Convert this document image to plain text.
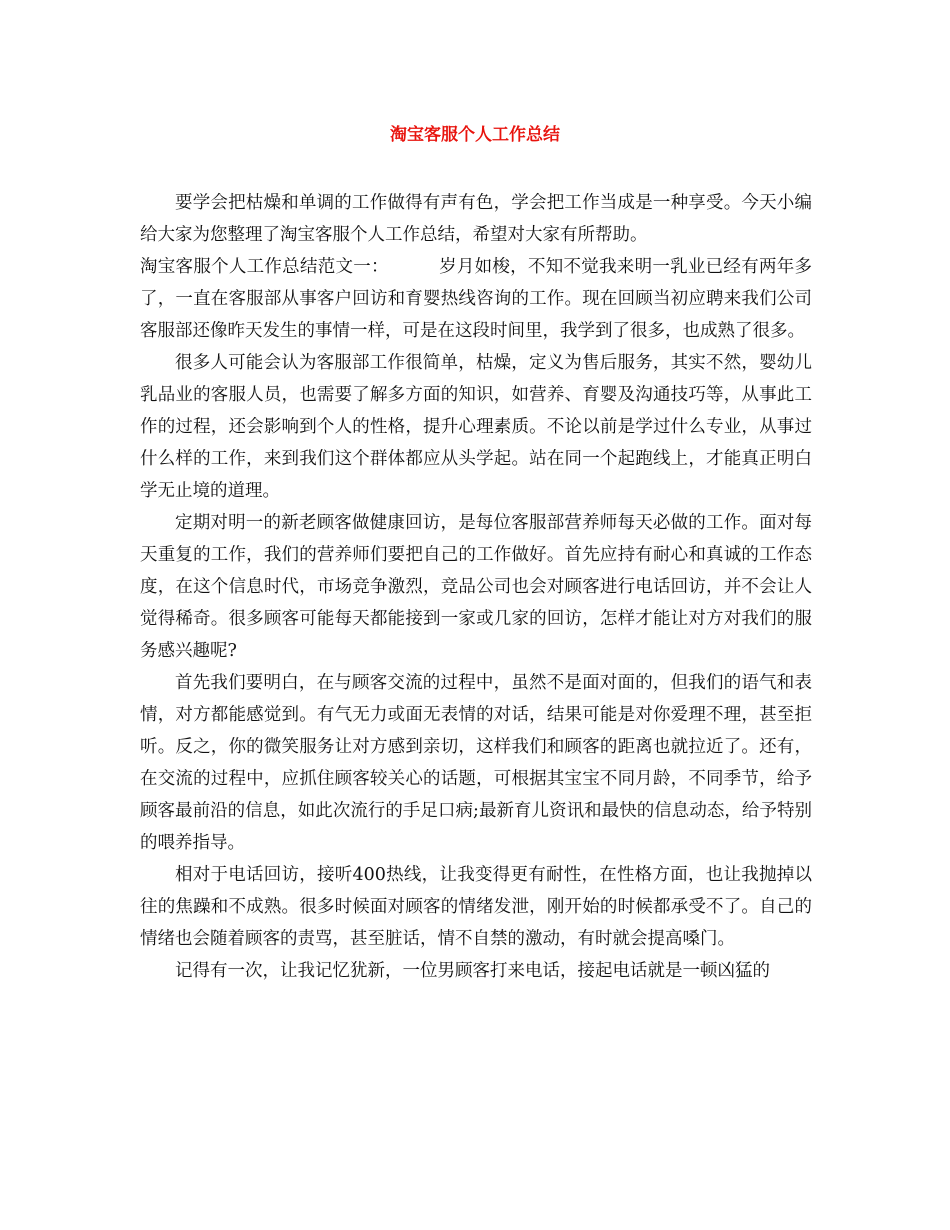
淘宝客服个人工作总结

要学会把枯燥和单调的工作做得有声有色，学会把工作当成是一种享受。今天小编给大家为您整理了淘宝客服个人工作总结，希望对大家有所帮助。

淘宝客服个人工作总结范文一：	岁月如梭，不知不觉我来明一乳业已经有两年多了，一直在客服部从事客户回访和育婴热线咨询的工作。现在回顾当初应聘来我们公司客服部还像昨天发生的事情一样，可是在这段时间里，我学到了很多，也成熟了很多。

很多人可能会认为客服部工作很简单，枯燥，定义为售后服务，其实不然，婴幼儿乳品业的客服人员，也需要了解多方面的知识，如营养、育婴及沟通技巧等，从事此工作的过程，还会影响到个人的性格，提升心理素质。不论以前是学过什么专业，从事过什么样的工作，来到我们这个群体都应从头学起。站在同一个起跑线上，才能真正明白学无止境的道理。

定期对明一的新老顾客做健康回访，是每位客服部营养师每天必做的工作。面对每天重复的工作，我们的营养师们要把自己的工作做好。首先应持有耐心和真诚的工作态度，在这个信息时代，市场竞争激烈，竞品公司也会对顾客进行电话回访，并不会让人觉得稀奇。很多顾客可能每天都能接到一家或几家的回访，怎样才能让对方对我们的服务感兴趣呢?

首先我们要明白，在与顾客交流的过程中，虽然不是面对面的，但我们的语气和表情，对方都能感觉到。有气无力或面无表情的对话，结果可能是对你爱理不理，甚至拒听。反之，你的微笑服务让对方感到亲切，这样我们和顾客的距离也就拉近了。还有，在交流的过程中，应抓住顾客较关心的话题，可根据其宝宝不同月龄，不同季节，给予顾客最前沿的信息，如此次流行的手足口病;最新育儿资讯和最快的信息动态，给予特别的喂养指导。

相对于电话回访，接听400热线，让我变得更有耐性，在性格方面，也让我抛掉以往的焦躁和不成熟。很多时候面对顾客的情绪发泄，刚开始的时候都承受不了。自己的情绪也会随着顾客的责骂，甚至脏话，情不自禁的激动，有时就会提高嗓门。

记得有一次，让我记忆犹新，一位男顾客打来电话，接起电话就是一顿凶猛的
